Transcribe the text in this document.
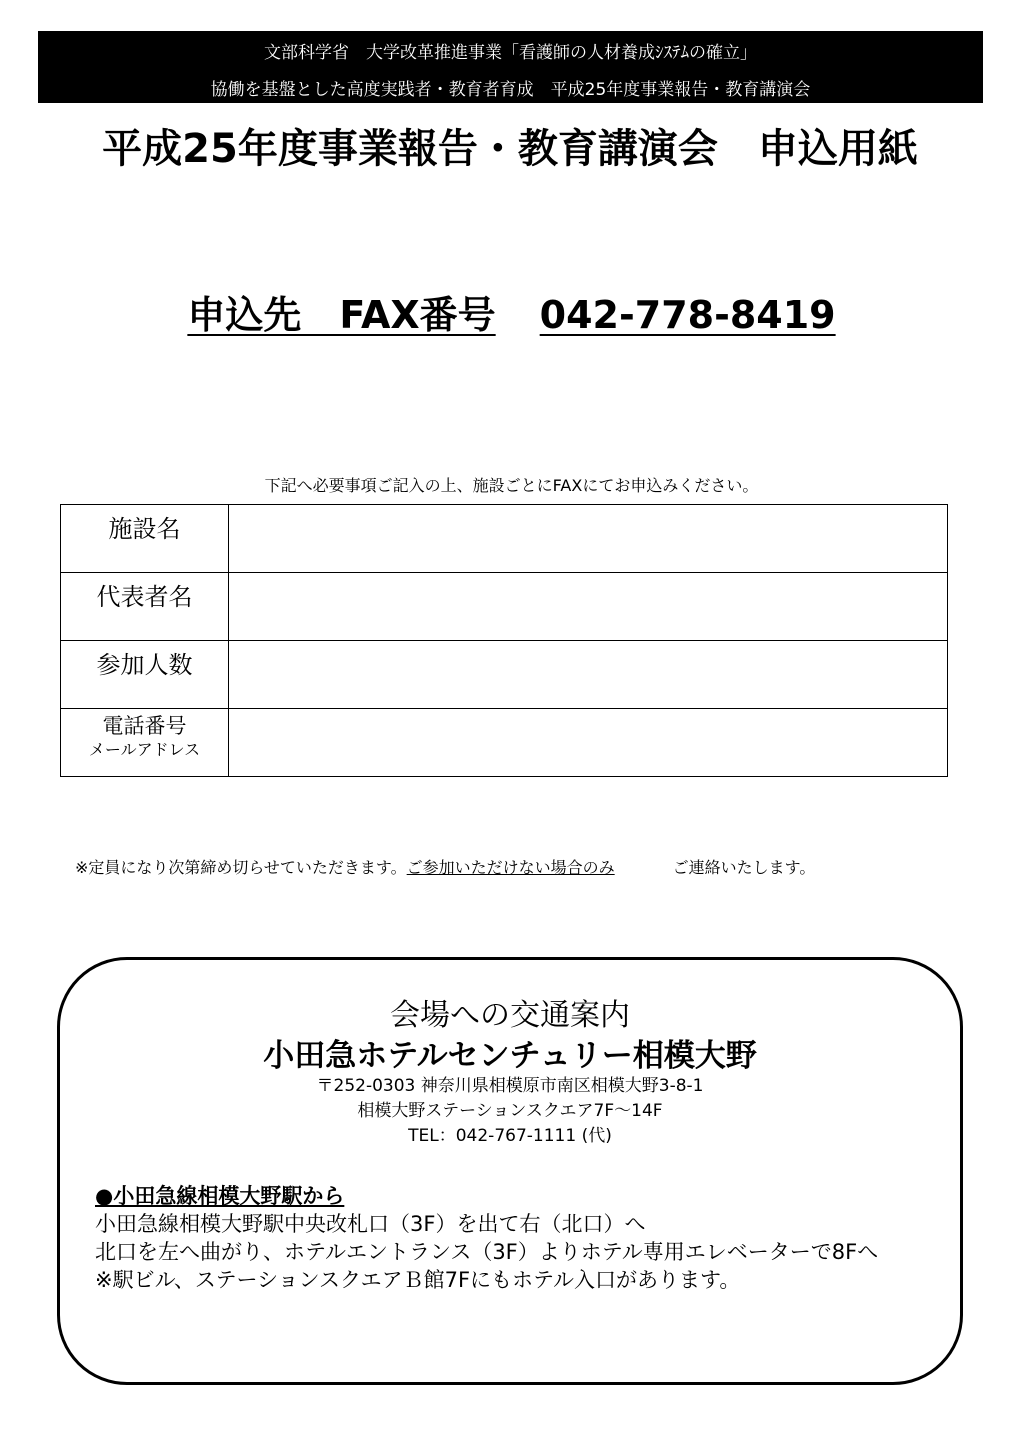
文部科学省　大学改革推進事業「看護師の人材養成ｼｽﾃﾑの確立」
協働を基盤とした高度実践者・教育者育成　平成25年度事業報告・教育講演会
平成25年度事業報告・教育講演会　申込用紙
申込先　FAX番号 042-778-8419
下記へ必要事項ご記入の上、施設ごとにFAXにてお申込みください。
施設名	
代表者名	
参加人数	
電話番号
メールアドレス	

※定員になり次第締め切らせていただきます。ご参加いただけない場合のみ	ご連絡いたします。
会場への交通案内
小田急ホテルセンチュリー相模大野
〒252-0303 神奈川県相模原市南区相模大野3-8-1
相模大野ステーションスクエア7F～14F
TEL：042-767-1111 (代)

●小田急線相模大野駅から

小田急線相模大野駅中央改札口（3F）を出て右（北口）へ

北口を左へ曲がり、ホテルエントランス（3F）よりホテル専用エレベーターで8Fへ

※駅ビル、ステーションスクエアＢ館7Fにもホテル入口があります。
